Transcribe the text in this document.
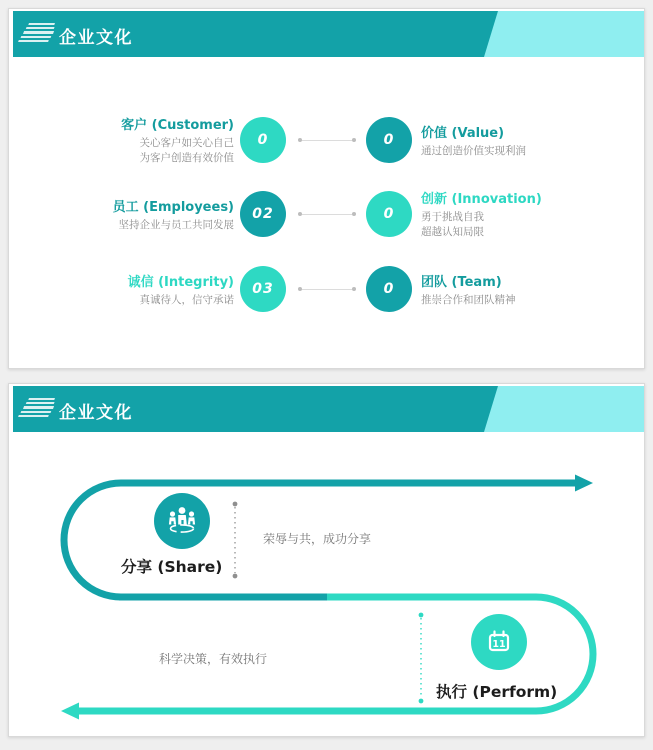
企业文化
客户 (Customer)
关心客户如关心自己
为客户创造有效价值
0	0 价值 (Value)
通过创造价值实现利润
员工 (Employees)
坚持企业与员工共同发展
02	0
创新 (Innovation)
勇于挑战自我
超越认知局限
诚信 (Integrity)
真诚待人，信守承诺
03	0 团队 (Team)
推崇合作和团队精神
企业文化
分享 (Share)
荣辱与共，成功分享
11
执行 (Perform)
科学决策，有效执行
